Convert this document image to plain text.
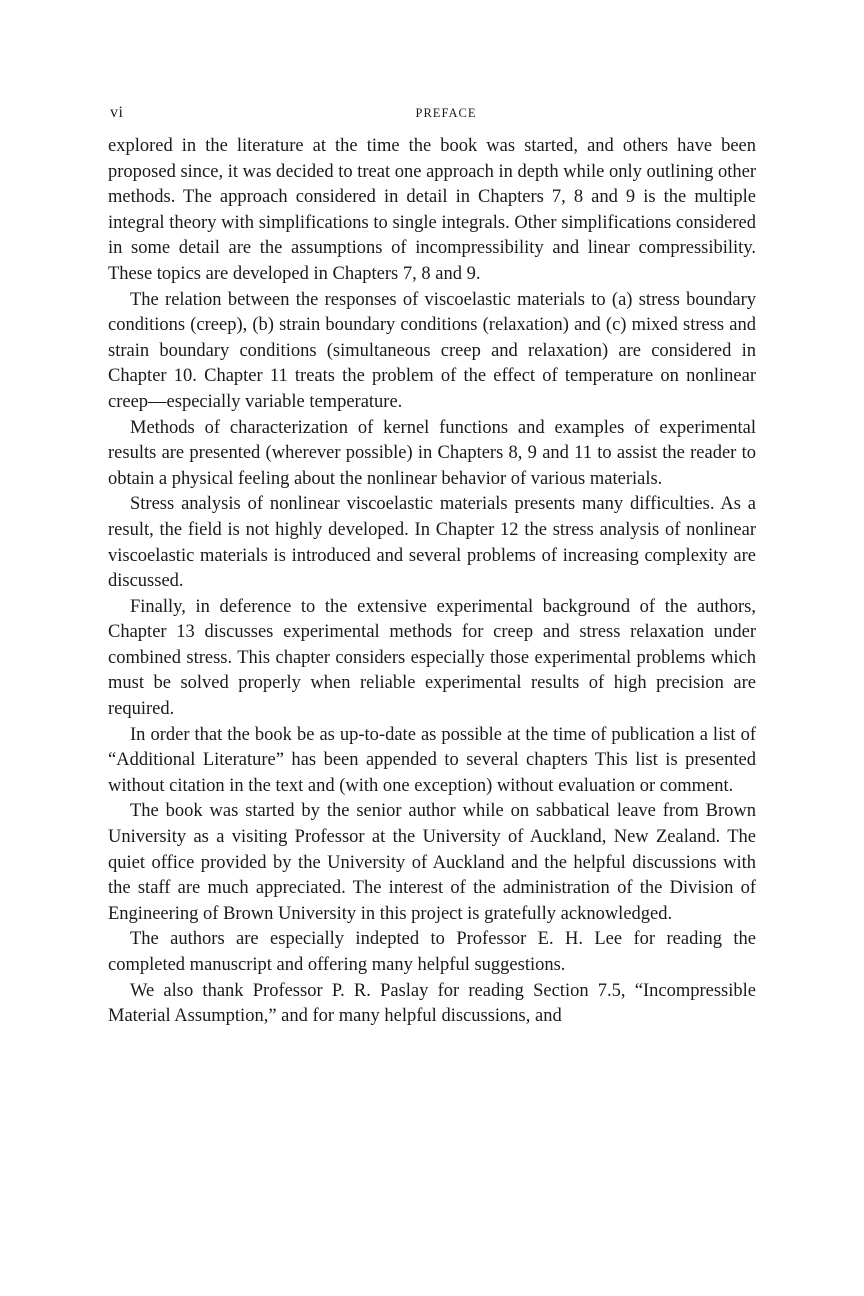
vi	PREFACE

explored in the literature at the time the book was started, and others have been proposed since, it was decided to treat one approach in depth while only outlining other methods. The approach considered in detail in Chapters 7, 8 and 9 is the multiple integral theory with simplifications to single integrals. Other simplifications considered in some detail are the assumptions of incompressibility and linear compressibility. These topics are developed in Chapters 7, 8 and 9.

The relation between the responses of viscoelastic materials to (a) stress boundary conditions (creep), (b) strain boundary conditions (relaxation) and (c) mixed stress and strain boundary conditions (simultaneous creep and relaxation) are considered in Chapter 10. Chapter 11 treats the problem of the effect of temperature on nonlinear creep—especially variable temperature.

Methods of characterization of kernel functions and examples of experimental results are presented (wherever possible) in Chapters 8, 9 and 11 to assist the reader to obtain a physical feeling about the nonlinear behavior of various materials.

Stress analysis of nonlinear viscoelastic materials presents many difficulties. As a result, the field is not highly developed. In Chapter 12 the stress analysis of nonlinear viscoelastic materials is introduced and several problems of increasing complexity are discussed.

Finally, in deference to the extensive experimental background of the authors, Chapter 13 discusses experimental methods for creep and stress relaxation under combined stress. This chapter considers especially those experimental problems which must be solved properly when reliable experimental results of high precision are required.

In order that the book be as up-to-date as possible at the time of publication a list of “Additional Literature” has been appended to several chapters This list is presented without citation in the text and (with one exception) without evaluation or comment.

The book was started by the senior author while on sabbatical leave from Brown University as a visiting Professor at the University of Auckland, New Zealand. The quiet office provided by the University of Auckland and the helpful discussions with the staff are much appreciated. The interest of the administration of the Division of Engineering of Brown University in this project is gratefully acknowledged.

The authors are especially indepted to Professor E. H. Lee for reading the completed manuscript and offering many helpful suggestions.

We also thank Professor P. R. Paslay for reading Section 7.5, “Incompressible Material Assumption,” and for many helpful discussions, and
